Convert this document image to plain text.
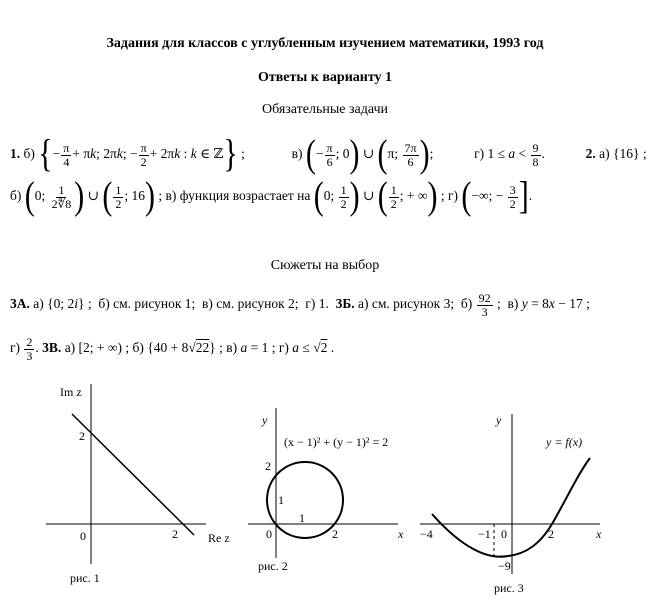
Задания для классов с углубленным изучением математики, 1993 год
Ответы к варианту 1
Обязательные задачи
1. б) {− $\frac{\pi}{4} + \pi k$; 2πk; − $\frac{\pi}{2} + 2\pi k$ : k ∈ ℤ} ;	в) (− $\frac{\pi}{6}$ ; 0) ∪ (π; $\frac{7\pi}{6}$ );	г) $1 \le a < \frac{9}{8}$ .	2. а) {16} ;
б) (0; $\frac{1}{2∜8}$ ) ∪ ( $\frac{1}{2}$ ; 16) ; в) функция возрастает на (0; $\frac{1}{2}$ ) ∪ ( $\frac{1}{2}$ ; + ∞) ; г) (−∞; − $\frac{3}{2}$ ].
Сюжеты на выбор
3А. а) {0; 2i} ;  б) см. рисунок 1;  в) см. рисунок 2;  г) 1.  3Б. а) см. рисунок 3;  $б) \frac{92}{3}$ ;  в) y = 8x − 17 ;
$г) \frac{2}{3}$ . 3В. а) [2; + ∞) ; б) {40 + 8√22} ; в) a = 1 ; г) a ≤ √2 .
Im z
Re z
0	2
2
рис. 1
y
x
(x − 1)² + (y − 1)² = 2
0
2
1
1
2
рис. 2
y
x
y = f(x)
−4	−1 0	2
−9
рис. 3
